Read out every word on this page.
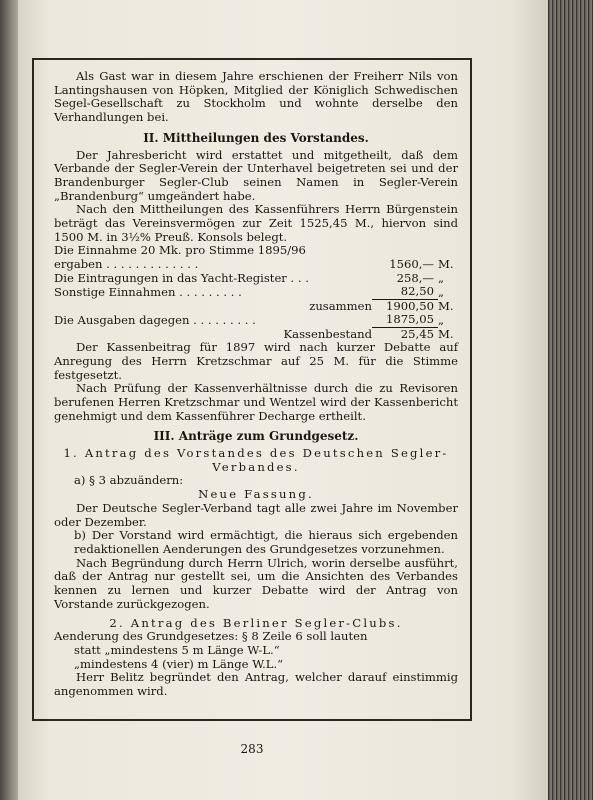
Als Gast war in diesem Jahre erschienen der Freiherr Nils von Lantingshausen von Höpken, Mitglied der Königlich Schwedischen Segel-Gesellschaft zu Stockholm und wohnte derselbe den Verhandlungen bei.

II. Mittheilungen des Vorstandes.

Der Jahresbericht wird erstattet und mitgetheilt, daß dem Verbande der Segler-Verein der Unterhavel beigetreten sei und der Brandenburger Segler-Club seinen Namen in Segler-Verein „Brandenburg“ umgeändert habe.

Nach den Mittheilungen des Kassenführers Herrn Bürgenstein beträgt das Vereinsvermögen zur Zeit 1525,45 M., hiervon sind 1500 M. in 3½% Preuß. Konsols belegt.

Die Einnahme 20 Mk. pro Stimme 1895/96

ergaben . . . . . . . . . . . . .	1560,—	M.
Die Eintragungen in das Yacht-Register . . .	258,—	„
Sonstige Einnahmen . . . . . . . . .	82,50	„
zusammen	1900,50	M.
Die Ausgaben dagegen . . . . . . . . .	1875,05	„
Kassenbestand	25,45	M.

Der Kassenbeitrag für 1897 wird nach kurzer Debatte auf Anregung des Herrn Kretzschmar auf 25 M. für die Stimme festgesetzt.

Nach Prüfung der Kassenverhältnisse durch die zu Revisoren berufenen Herren Kretzschmar und Wentzel wird der Kassenbericht genehmigt und dem Kassenführer Decharge ertheilt.

III. Anträge zum Grundgesetz.

1. Antrag des Vorstandes des Deutschen Segler-Verbandes.

a) § 3 abzuändern:

Neue Fassung.

Der Deutsche Segler-Verband tagt alle zwei Jahre im November oder Dezember.

b) Der Vorstand wird ermächtigt, die hieraus sich ergebenden redaktionellen Aenderungen des Grundgesetzes vorzunehmen.

Nach Begründung durch Herrn Ulrich, worin derselbe ausführt, daß der Antrag nur gestellt sei, um die Ansichten des Verbandes kennen zu lernen und kurzer Debatte wird der Antrag von Vorstande zurückgezogen.

2. Antrag des Berliner Segler-Clubs.

Aenderung des Grundgesetzes: § 8 Zeile 6 soll lauten

statt „mindestens 5 m Länge W-L.“

„mindestens 4 (vier) m Länge W.L.“

Herr Belitz begründet den Antrag, welcher darauf einstimmig angenommen wird.

283
